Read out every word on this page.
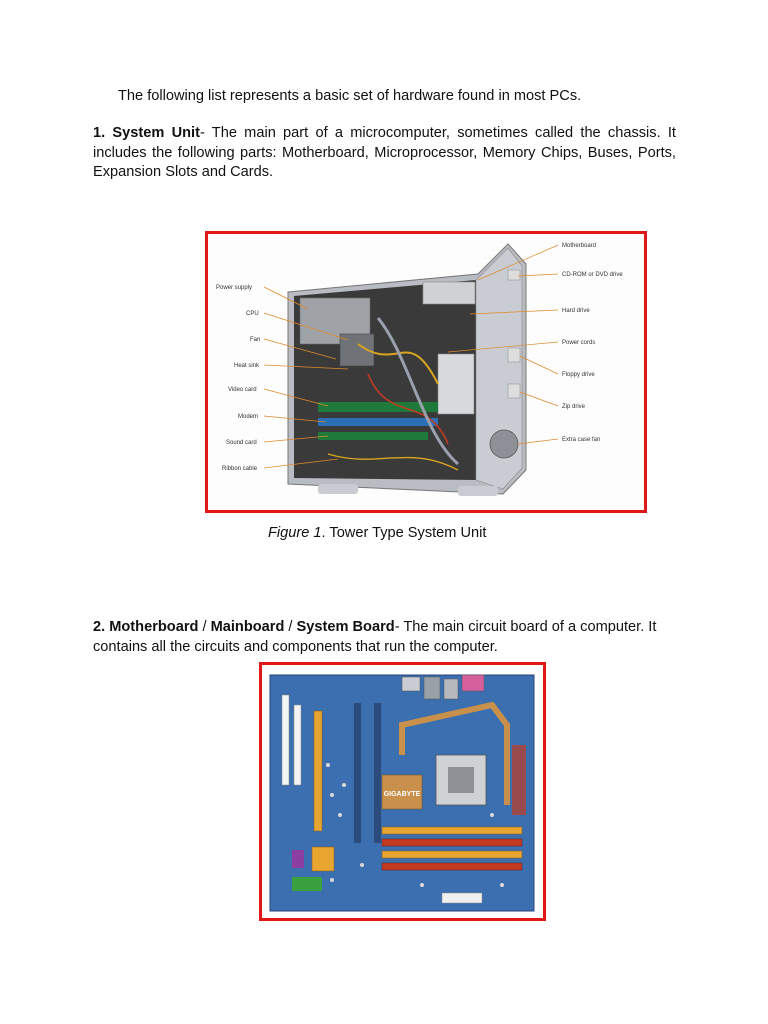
The following list represents a basic set of hardware found in most PCs.

1. System Unit- The main part of a microcomputer, sometimes called the chassis. It includes the following parts: Motherboard, Microprocessor, Memory Chips, Buses, Ports, Expansion Slots and Cards.

Power supply
CPU
Fan
Heat sink
Video card
Modem
Sound card
Ribbon cable
Motherboard
CD-ROM or DVD drive
Hard drive
Power cords
Floppy drive
Zip drive
Extra case fan
Figure 1. Tower Type System Unit

2. Motherboard / Mainboard / System Board- The main circuit board of a computer. It contains all the circuits and components that run the computer.

GIGABYTE
